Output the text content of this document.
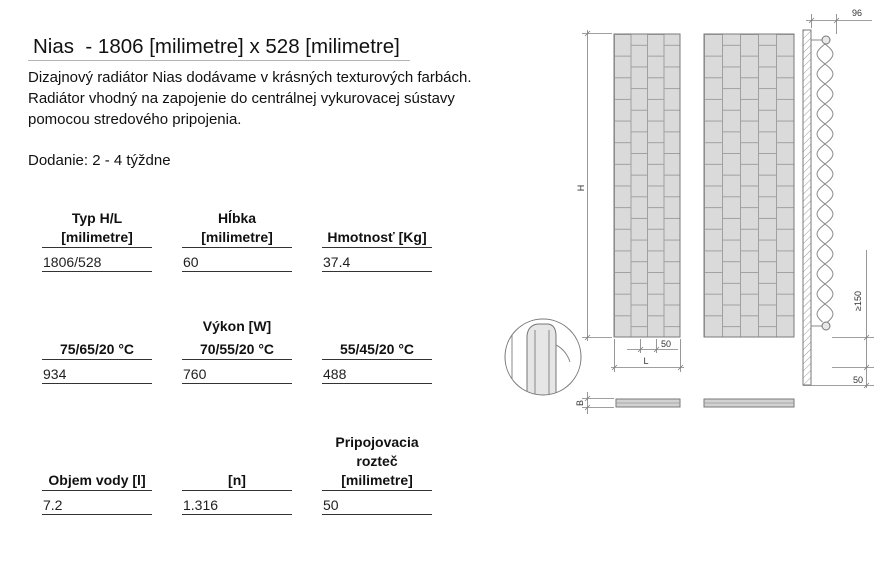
Nias  - 1806 [milimetre] x 528 [milimetre]
Dizajnový radiátor Nias dodávame v krásných texturových farbách.
Radiátor vhodný na zapojenie do centrálnej vykurovacej sústavy
pomocou stredového pripojenia.
Dodanie: 2 - 4 týždne
Typ H/L
[milimetre]
1806/528
Hĺbka
[milimetre]
60
Hmotnosť [Kg]
37.4
Výkon [W]
75/65/20 °C
934
70/55/20 °C
760
55/45/20 °C
488
Objem vody [l]
7.2
[n]
1.316
Pripojovacia
rozteč
[milimetre]
50
H
50
L
B
96
≥150
50
